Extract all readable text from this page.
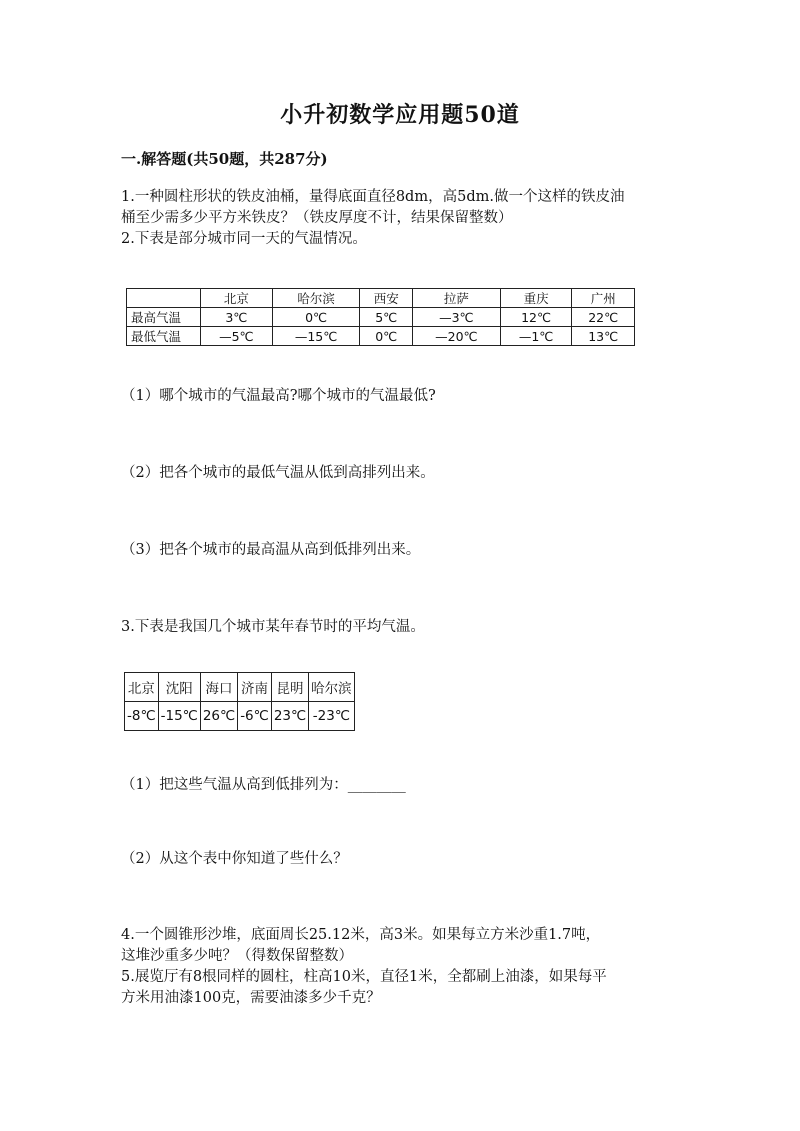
小升初数学应用题50道
一.解答题(共50题，共287分)
1.一种圆柱形状的铁皮油桶，量得底面直径8dm，高5dm.做一个这样的铁皮油
桶至少需多少平方米铁皮？（铁皮厚度不计，结果保留整数）
2.下表是部分城市同一天的气温情况。
	北京	哈尔滨	西安	拉萨	重庆	广州
最高气温	3℃	0℃	5℃	—3℃	12℃	22℃
最低气温	—5℃	—15℃	0℃	—20℃	—1℃	13℃
（1）哪个城市的气温最高?哪个城市的气温最低?
（2）把各个城市的最低气温从低到高排列出来。
（3）把各个城市的最高温从高到低排列出来。
3.下表是我国几个城市某年春节时的平均气温。
北京	沈阳	海口	济南	昆明	哈尔滨
-8℃	-15℃	26℃	-6℃	23℃	-23℃
（1）把这些气温从高到低排列为：________
（2）从这个表中你知道了些什么？
4.一个圆锥形沙堆，底面周长25.12米，高3米。如果每立方米沙重1.7吨，
这堆沙重多少吨？（得数保留整数）
5.展览厅有8根同样的圆柱，柱高10米，直径1米，全都刷上油漆，如果每平
方米用油漆100克，需要油漆多少千克？
